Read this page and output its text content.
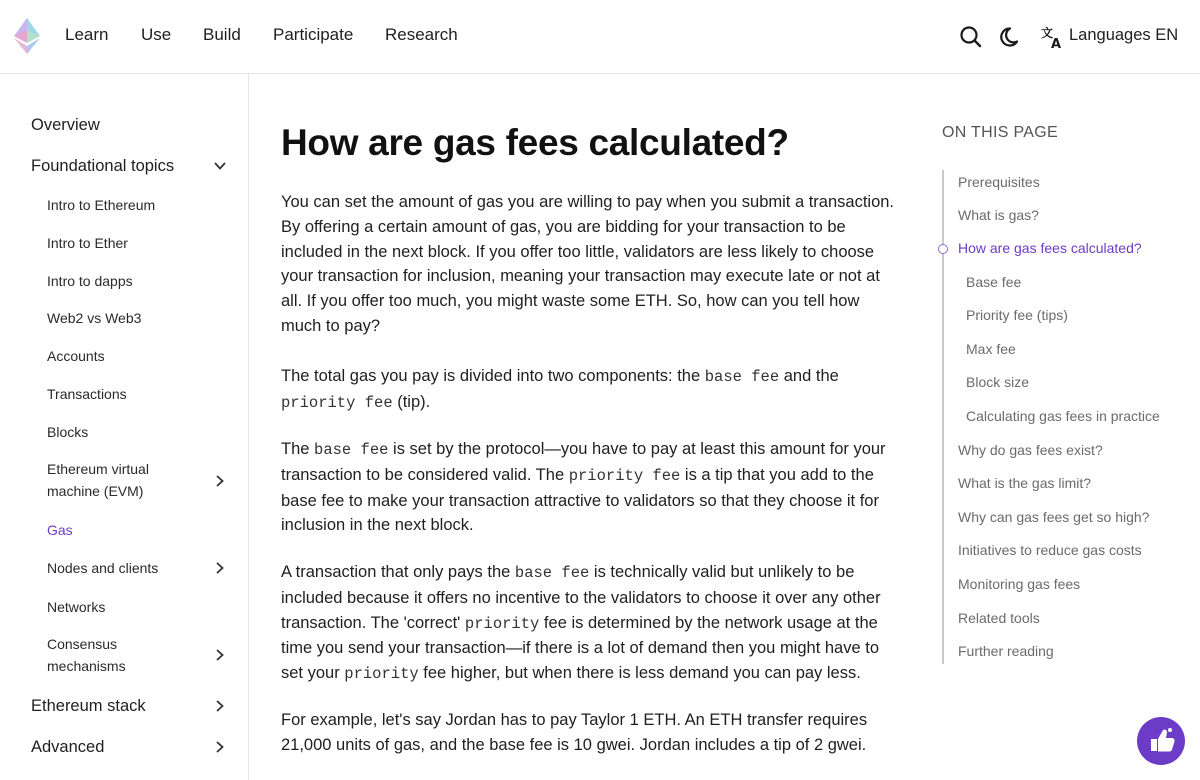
Learn Use Build Participate Research	文
A
Languages EN
Overview
Foundational topics
Intro to Ethereum
Intro to Ether
Intro to dapps
Web2 vs Web3
Accounts
Transactions
Blocks
Ethereum virtual machine (EVM)
Gas
Nodes and clients
Networks
Consensus mechanisms
Ethereum stack
Advanced
How are gas fees calculated?

You can set the amount of gas you are willing to pay when you submit a transaction. By offering a certain amount of gas, you are bidding for your transaction to be included in the next block. If you offer too little, validators are less likely to choose your transaction for inclusion, meaning your transaction may execute late or not at all. If you offer too much, you might waste some ETH. So, how can you tell how much to pay?

The total gas you pay is divided into two components: the base fee and the priority fee (tip).

The base fee is set by the protocol—you have to pay at least this amount for your transaction to be considered valid. The priority fee is a tip that you add to the base fee to make your transaction attractive to validators so that they choose it for inclusion in the next block.

A transaction that only pays the base fee is technically valid but unlikely to be included because it offers no incentive to the validators to choose it over any other transaction. The 'correct' priority fee is determined by the network usage at the time you send your transaction—if there is a lot of demand then you might have to set your priority fee higher, but when there is less demand you can pay less.

For example, let's say Jordan has to pay Taylor 1 ETH. An ETH transfer requires 21,000 units of gas, and the base fee is 10 gwei. Jordan includes a tip of 2 gwei.

ON THIS PAGE
Prerequisites
What is gas?
How are gas fees calculated?
Base fee
Priority fee (tips)
Max fee
Block size
Calculating gas fees in practice
Why do gas fees exist?
What is the gas limit?
Why can gas fees get so high?
Initiatives to reduce gas costs
Monitoring gas fees
Related tools
Further reading
